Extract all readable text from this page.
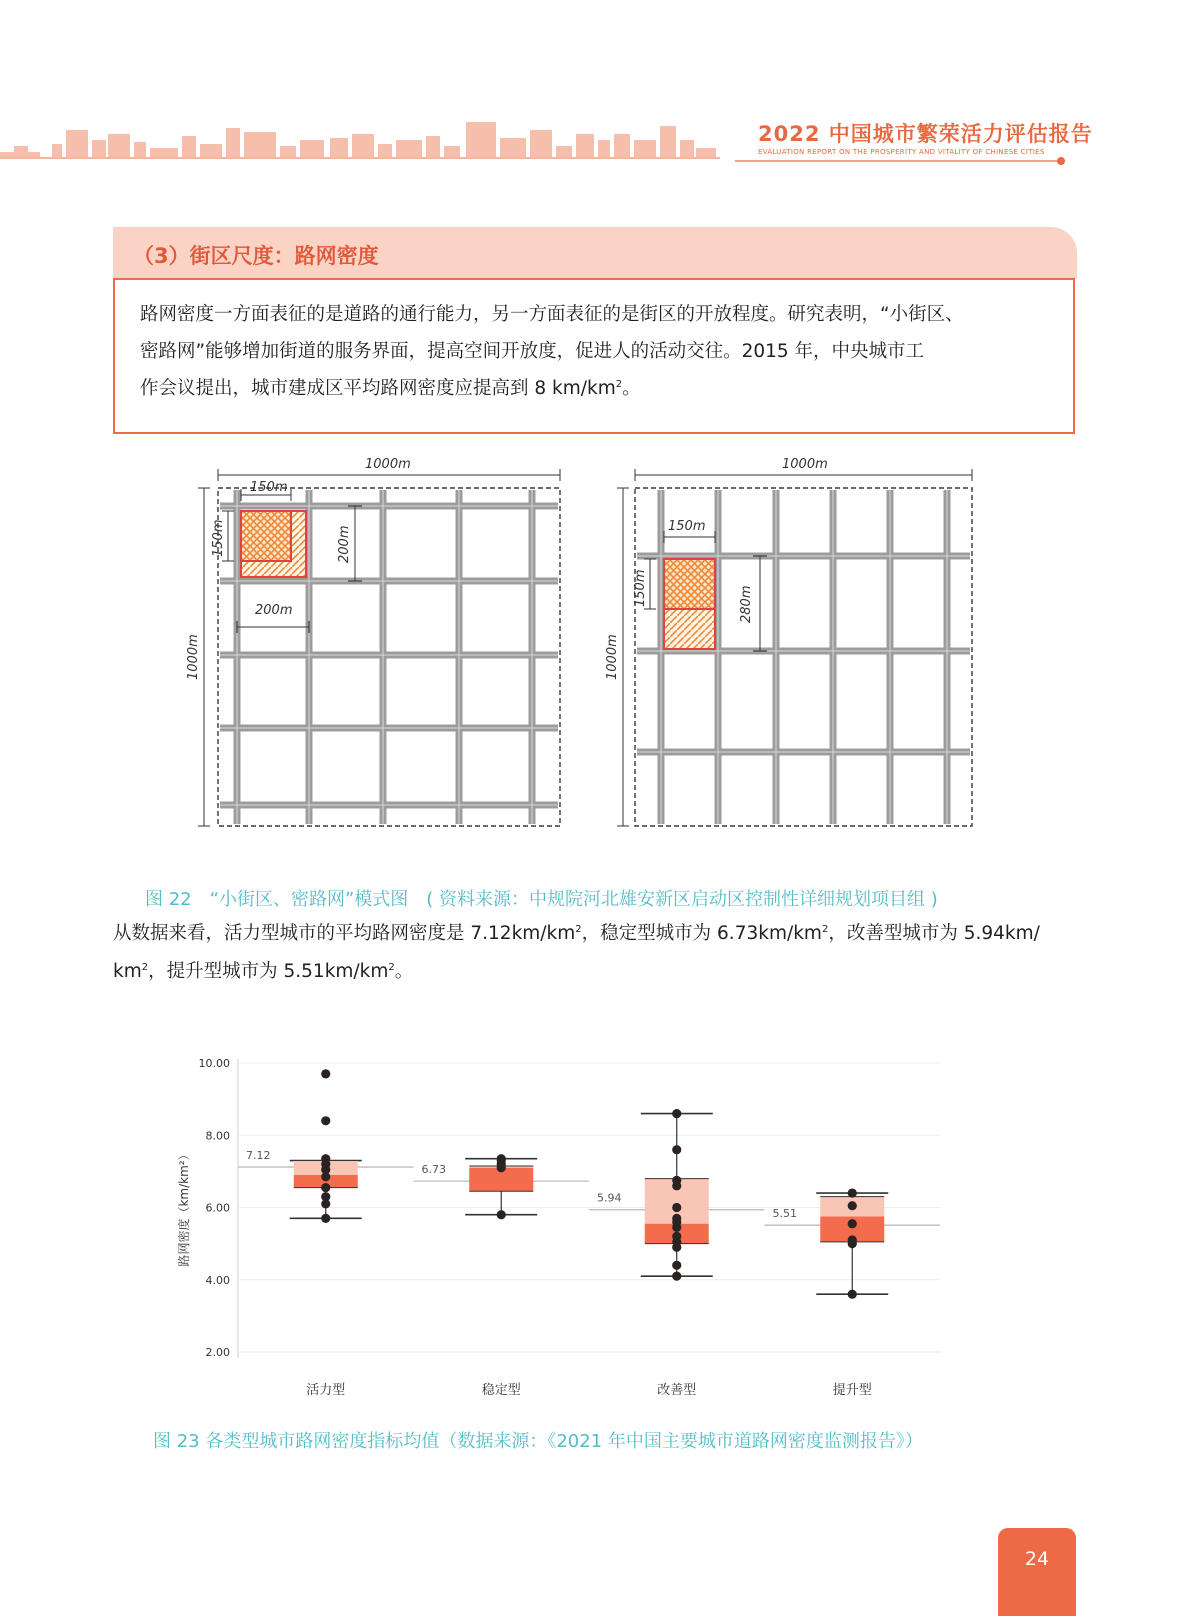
2022 中国城市繁荣活力评估报告
EVALUATION REPORT ON THE PROSPERITY AND VITALITY OF CHINESE CITIES
（3）街区尺度：路网密度
路网密度一方面表征的是道路的通行能力，另一方面表征的是街区的开放程度。研究表明，“小街区、
密路网”能够增加街道的服务界面，提高空间开放度，促进人的活动交往。2015 年，中央城市工
作会议提出，城市建成区平均路网密度应提高到 8 $km/km^2$。
1000m
150m
200m
1000m
150m	200m
1000m
150m
1000m
150m	280m
图 22　“小街区、密路网”模式图　( 资料来源：中规院河北雄安新区启动区控制性详细规划项目组 )
从数据来看，活力型城市的平均路网密度是 $7.12km/km^2$，稳定型城市为 $6.73km/km^2$，改善型城市为 5.94km/
$km^2$，提升型城市为 $5.51km/km^2$。
2.00
4.00
6.00
8.00
10.00
路网密度（km/km²）	7.12
活力型
6.73
稳定型
5.94
改善型
5.51
提升型
图 23 各类型城市路网密度指标均值（数据来源：《2021 年中国主要城市道路网密度监测报告》）
24
